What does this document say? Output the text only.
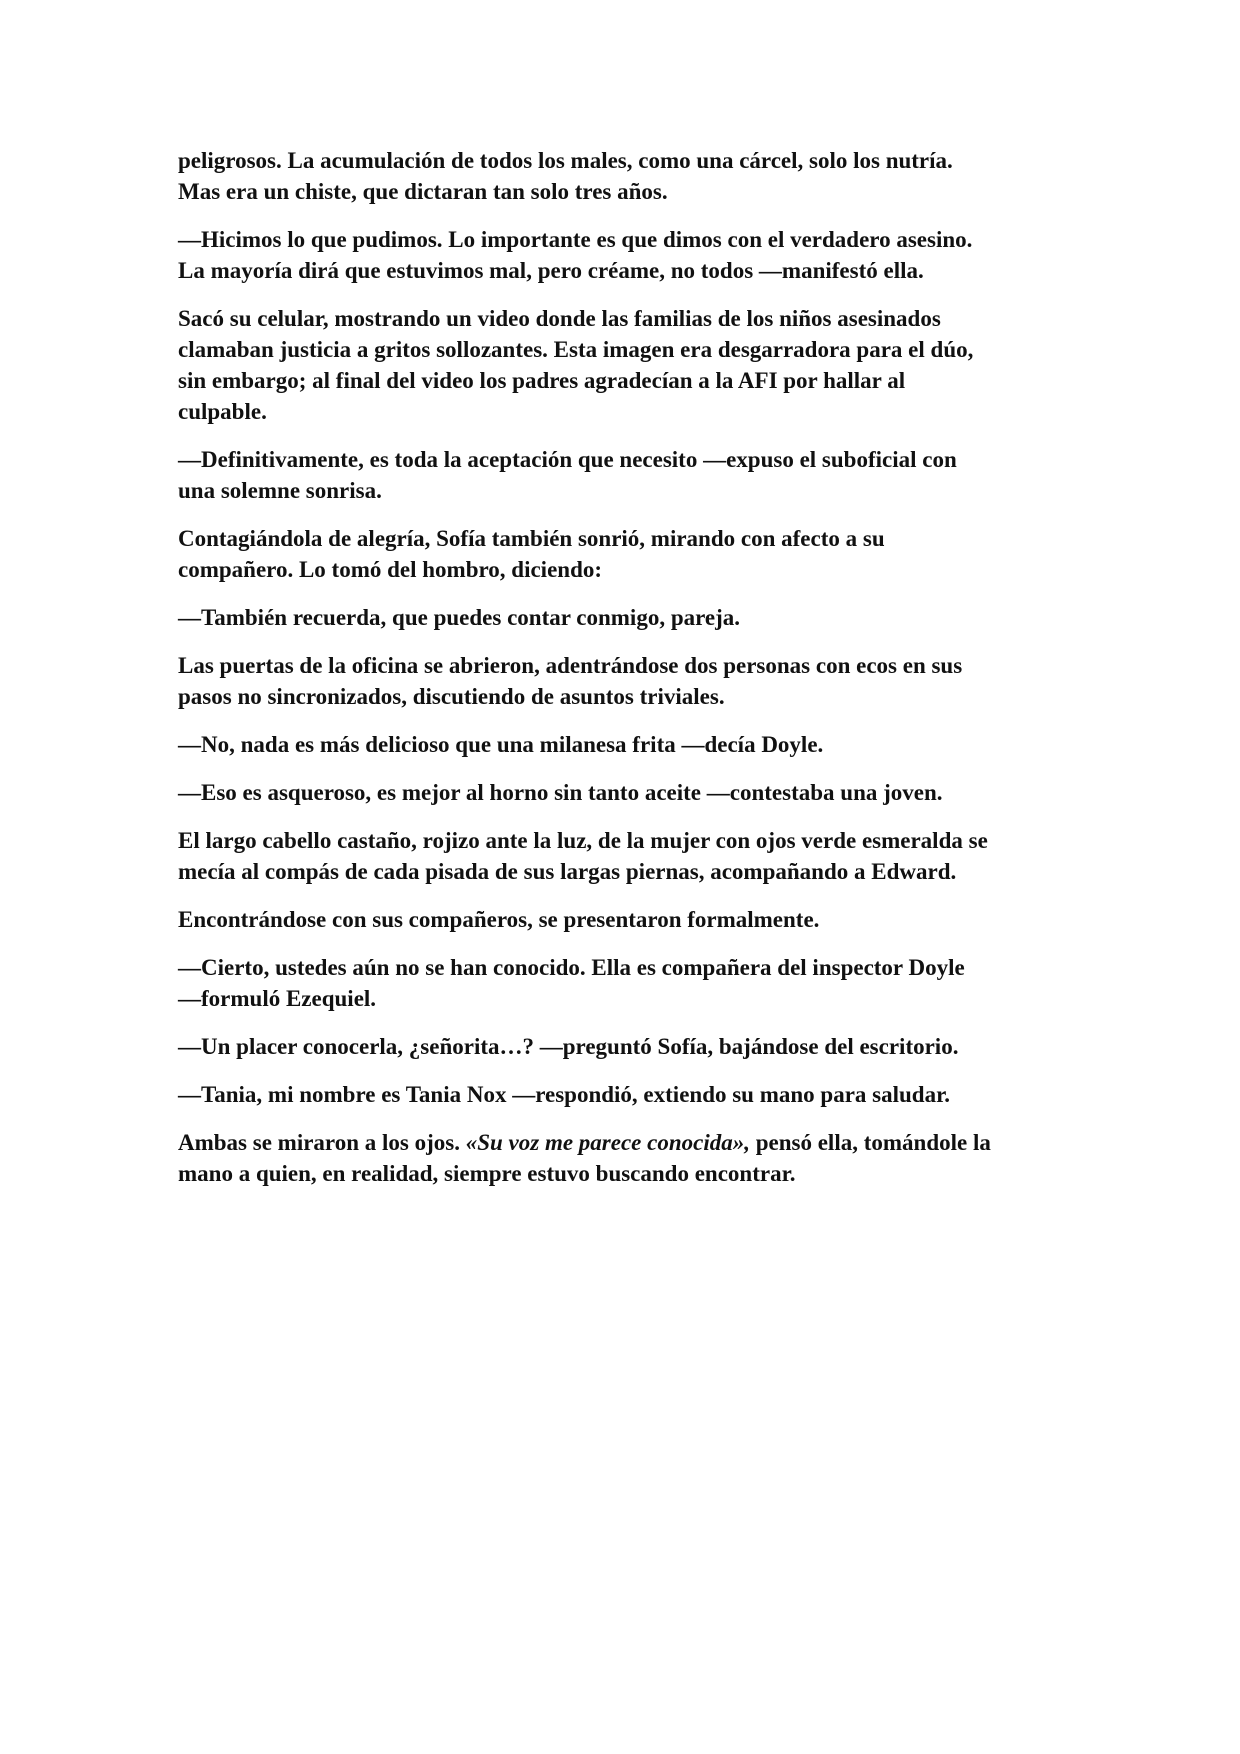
peligrosos. La acumulación de todos los males, como una cárcel, solo los nutría.
Mas era un chiste, que dictaran tan solo tres años.

—Hicimos lo que pudimos. Lo importante es que dimos con el verdadero asesino.
La mayoría dirá que estuvimos mal, pero créame, no todos —manifestó ella.

Sacó su celular, mostrando un video donde las familias de los niños asesinados
clamaban justicia a gritos sollozantes. Esta imagen era desgarradora para el dúo,
sin embargo; al final del video los padres agradecían a la AFI por hallar al
culpable.

—Definitivamente, es toda la aceptación que necesito —expuso el suboficial con
una solemne sonrisa.

Contagiándola de alegría, Sofía también sonrió, mirando con afecto a su
compañero. Lo tomó del hombro, diciendo:

—También recuerda, que puedes contar conmigo, pareja.

Las puertas de la oficina se abrieron, adentrándose dos personas con ecos en sus
pasos no sincronizados, discutiendo de asuntos triviales.

—No, nada es más delicioso que una milanesa frita —decía Doyle.

—Eso es asqueroso, es mejor al horno sin tanto aceite —contestaba una joven.

El largo cabello castaño, rojizo ante la luz, de la mujer con ojos verde esmeralda se
mecía al compás de cada pisada de sus largas piernas, acompañando a Edward.

Encontrándose con sus compañeros, se presentaron formalmente.

—Cierto, ustedes aún no se han conocido. Ella es compañera del inspector Doyle
—formuló Ezequiel.

—Un placer conocerla, ¿señorita…? —preguntó Sofía, bajándose del escritorio.

—Tania, mi nombre es Tania Nox —respondió, extiendo su mano para saludar.

Ambas se miraron a los ojos. «Su voz me parece conocida», pensó ella, tomándole la
mano a quien, en realidad, siempre estuvo buscando encontrar.
